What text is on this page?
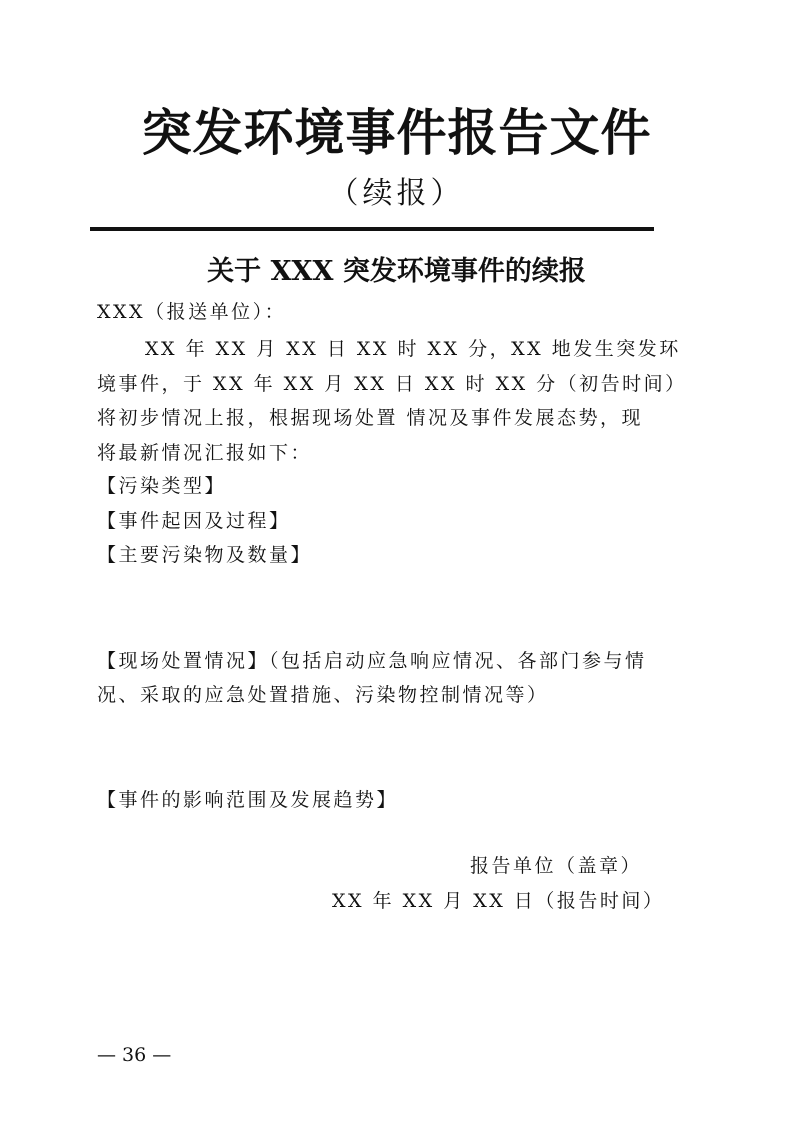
突发环境事件报告文件
（续报）
关于 XXX 突发环境事件的续报
XXX（报送单位）：
XX 年 XX 月 XX 日 XX 时 XX 分，XX 地发生突发环
境事件，于 XX 年 XX 月 XX 日 XX 时 XX 分（初告时间）
将初步情况上报，根据现场处置 情况及事件发展态势，现
将最新情况汇报如下：
【污染类型】
【事件起因及过程】
【主要污染物及数量】
【现场处置情况】（包括启动应急响应情况、各部门参与情
况、采取的应急处置措施、污染物控制情况等）
【事件的影响范围及发展趋势】
报告单位（盖章）
XX 年 XX 月 XX 日（报告时间）
— 36 —
